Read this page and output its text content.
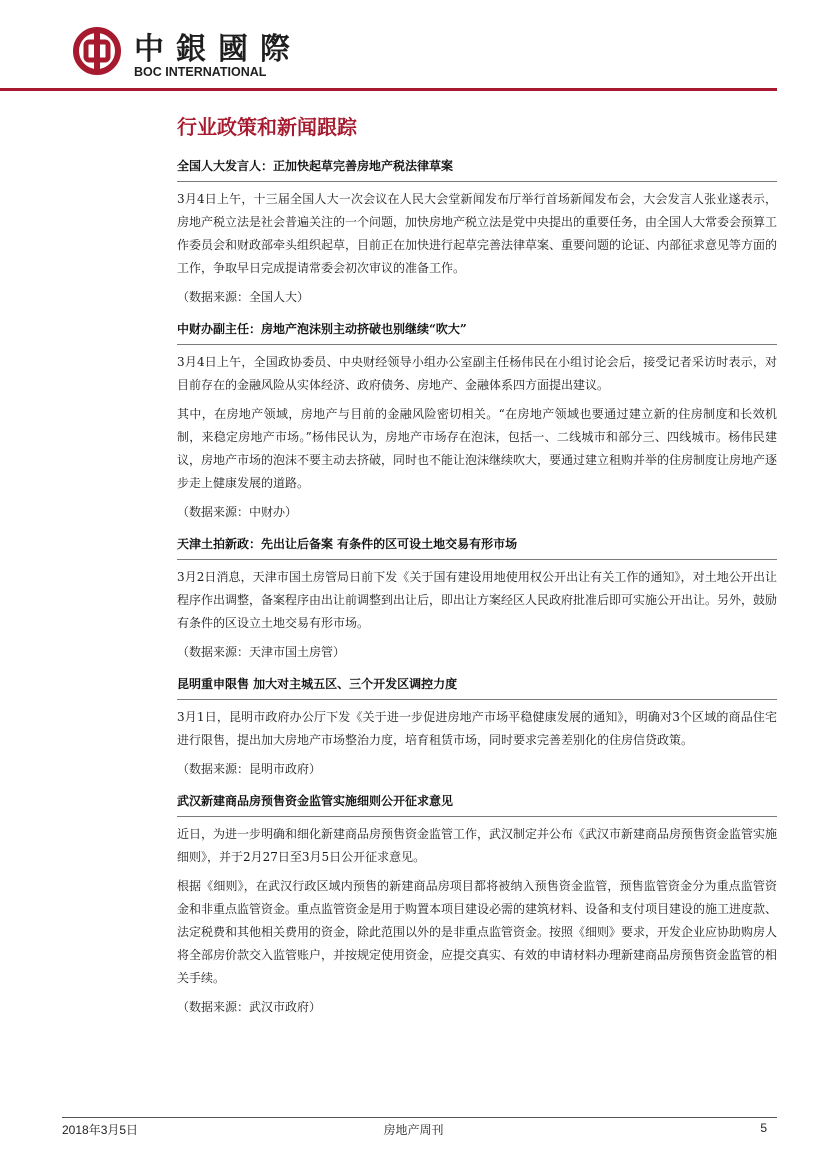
中銀國際
BOC INTERNATIONAL
行业政策和新闻跟踪
全国人大发言人：正加快起草完善房地产税法律草案

3月4日上午，十三届全国人大一次会议在人民大会堂新闻发布厅举行首场新闻发布会，大会发言人张业遂表示，房地产税立法是社会普遍关注的一个问题，加快房地产税立法是党中央提出的重要任务，由全国人大常委会预算工作委员会和财政部牵头组织起草，目前正在加快进行起草完善法律草案、重要问题的论证、内部征求意见等方面的工作，争取早日完成提请常委会初次审议的准备工作。

（数据来源：全国人大）

中财办副主任：房地产泡沫别主动挤破也别继续“吹大”

3月4日上午，全国政协委员、中央财经领导小组办公室副主任杨伟民在小组讨论会后，接受记者采访时表示，对目前存在的金融风险从实体经济、政府债务、房地产、金融体系四方面提出建议。

其中，在房地产领域，房地产与目前的金融风险密切相关。“在房地产领域也要通过建立新的住房制度和长效机制，来稳定房地产市场。”杨伟民认为，房地产市场存在泡沫，包括一、二线城市和部分三、四线城市。杨伟民建议，房地产市场的泡沫不要主动去挤破，同时也不能让泡沫继续吹大，要通过建立租购并举的住房制度让房地产逐步走上健康发展的道路。

（数据来源：中财办）

天津土拍新政：先出让后备案 有条件的区可设土地交易有形市场

3月2日消息，天津市国土房管局日前下发《关于国有建设用地使用权公开出让有关工作的通知》，对土地公开出让程序作出调整，备案程序由出让前调整到出让后，即出让方案经区人民政府批准后即可实施公开出让。另外，鼓励有条件的区设立土地交易有形市场。

（数据来源：天津市国土房管）

昆明重申限售 加大对主城五区、三个开发区调控力度

3月1日，昆明市政府办公厅下发《关于进一步促进房地产市场平稳健康发展的通知》，明确对3个区域的商品住宅进行限售，提出加大房地产市场整治力度，培育租赁市场，同时要求完善差别化的住房信贷政策。

（数据来源：昆明市政府）

武汉新建商品房预售资金监管实施细则公开征求意见

近日，为进一步明确和细化新建商品房预售资金监管工作，武汉制定并公布《武汉市新建商品房预售资金监管实施细则》，并于2月27日至3月5日公开征求意见。

根据《细则》，在武汉行政区域内预售的新建商品房项目都将被纳入预售资金监管，预售监管资金分为重点监管资金和非重点监管资金。重点监管资金是用于购置本项目建设必需的建筑材料、设备和支付项目建设的施工进度款、法定税费和其他相关费用的资金，除此范围以外的是非重点监管资金。按照《细则》要求，开发企业应协助购房人将全部房价款交入监管账户，并按规定使用资金，应提交真实、有效的申请材料办理新建商品房预售资金监管的相关手续。

（数据来源：武汉市政府）

2018年3月5日	房地产周刊	5
